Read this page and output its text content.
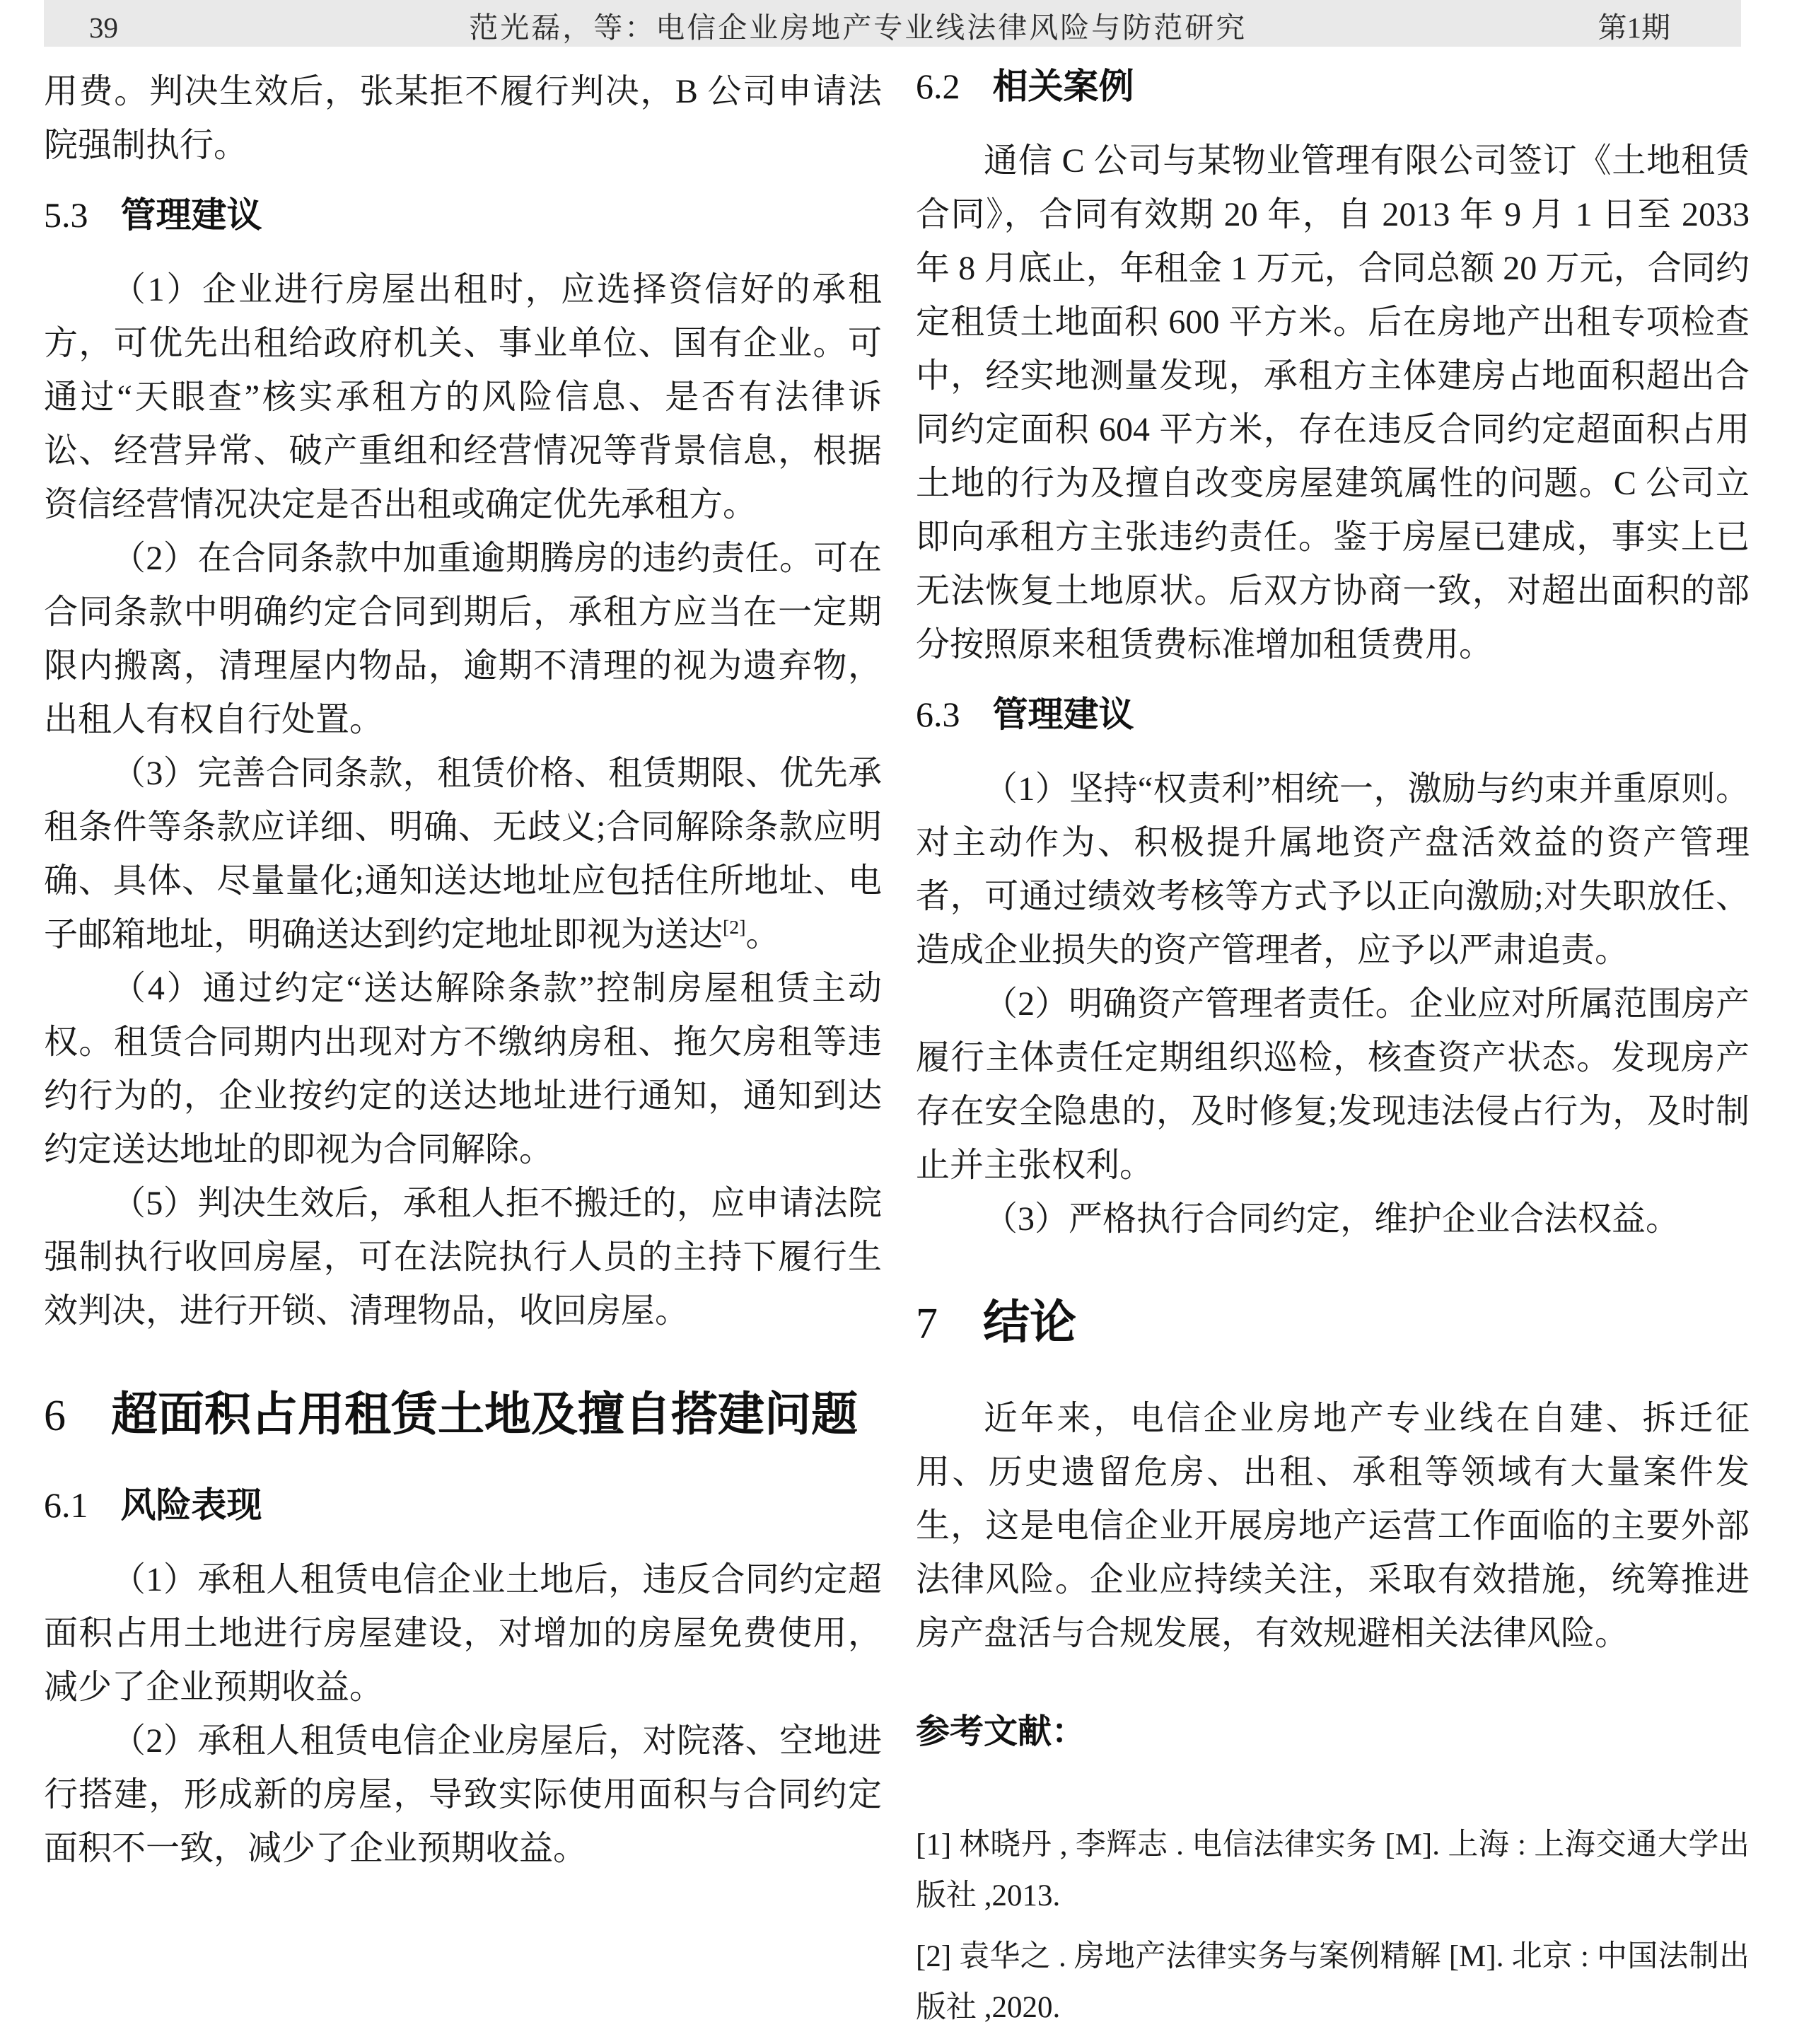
39	范光磊，等：电信企业房地产专业线法律风险与防范研究	第1期

用费。判决生效后，张某拒不履行判决，B 公司申请法院强制执行。

5.3 管理建议

（1）企业进行房屋出租时，应选择资信好的承租方，可优先出租给政府机关、事业单位、国有企业。可通过“天眼查”核实承租方的风险信息、是否有法律诉讼、经营异常、破产重组和经营情况等背景信息，根据资信经营情况决定是否出租或确定优先承租方。

（2）在合同条款中加重逾期腾房的违约责任。可在合同条款中明确约定合同到期后，承租方应当在一定期限内搬离，清理屋内物品，逾期不清理的视为遗弃物，出租人有权自行处置。

（3）完善合同条款，租赁价格、租赁期限、优先承租条件等条款应详细、明确、无歧义;合同解除条款应明确、具体、尽量量化;通知送达地址应包括住所地址、电子邮箱地址，明确送达到约定地址即视为送达[2]。

（4）通过约定“送达解除条款”控制房屋租赁主动权。租赁合同期内出现对方不缴纳房租、拖欠房租等违约行为的，企业按约定的送达地址进行通知，通知到达约定送达地址的即视为合同解除。

（5）判决生效后，承租人拒不搬迁的，应申请法院强制执行收回房屋，可在法院执行人员的主持下履行生效判决，进行开锁、清理物品，收回房屋。

6 超面积占用租赁土地及擅自搭建问题
6.1 风险表现

（1）承租人租赁电信企业土地后，违反合同约定超面积占用土地进行房屋建设，对增加的房屋免费使用，减少了企业预期收益。

（2）承租人租赁电信企业房屋后，对院落、空地进行搭建，形成新的房屋，导致实际使用面积与合同约定面积不一致，减少了企业预期收益。

6.2 相关案例

通信 C 公司与某物业管理有限公司签订《土地租赁合同》，合同有效期 20 年，自 2013 年 9 月 1 日至 2033 年 8 月底止，年租金 1 万元，合同总额 20 万元，合同约定租赁土地面积 600 平方米。后在房地产出租专项检查中，经实地测量发现，承租方主体建房占地面积超出合同约定面积 604 平方米，存在违反合同约定超面积占用土地的行为及擅自改变房屋建筑属性的问题。C 公司立即向承租方主张违约责任。鉴于房屋已建成，事实上已无法恢复土地原状。后双方协商一致，对超出面积的部分按照原来租赁费标准增加租赁费用。

6.3 管理建议

（1）坚持“权责利”相统一，激励与约束并重原则。对主动作为、积极提升属地资产盘活效益的资产管理者，可通过绩效考核等方式予以正向激励;对失职放任、造成企业损失的资产管理者，应予以严肃追责。

（2）明确资产管理者责任。企业应对所属范围房产履行主体责任定期组织巡检，核查资产状态。发现房产存在安全隐患的，及时修复;发现违法侵占行为，及时制止并主张权利。

（3）严格执行合同约定，维护企业合法权益。

7 结论

近年来，电信企业房地产专业线在自建、拆迁征用、历史遗留危房、出租、承租等领域有大量案件发生，这是电信企业开展房地产运营工作面临的主要外部法律风险。企业应持续关注，采取有效措施，统筹推进房产盘活与合规发展，有效规避相关法律风险。

参考文献：

[1] 林晓丹 , 李辉志 . 电信法律实务 [M]. 上海 : 上海交通大学出版社 ,2013.

[2] 袁华之 . 房地产法律实务与案例精解 [M]. 北京 : 中国法制出版社 ,2020.
